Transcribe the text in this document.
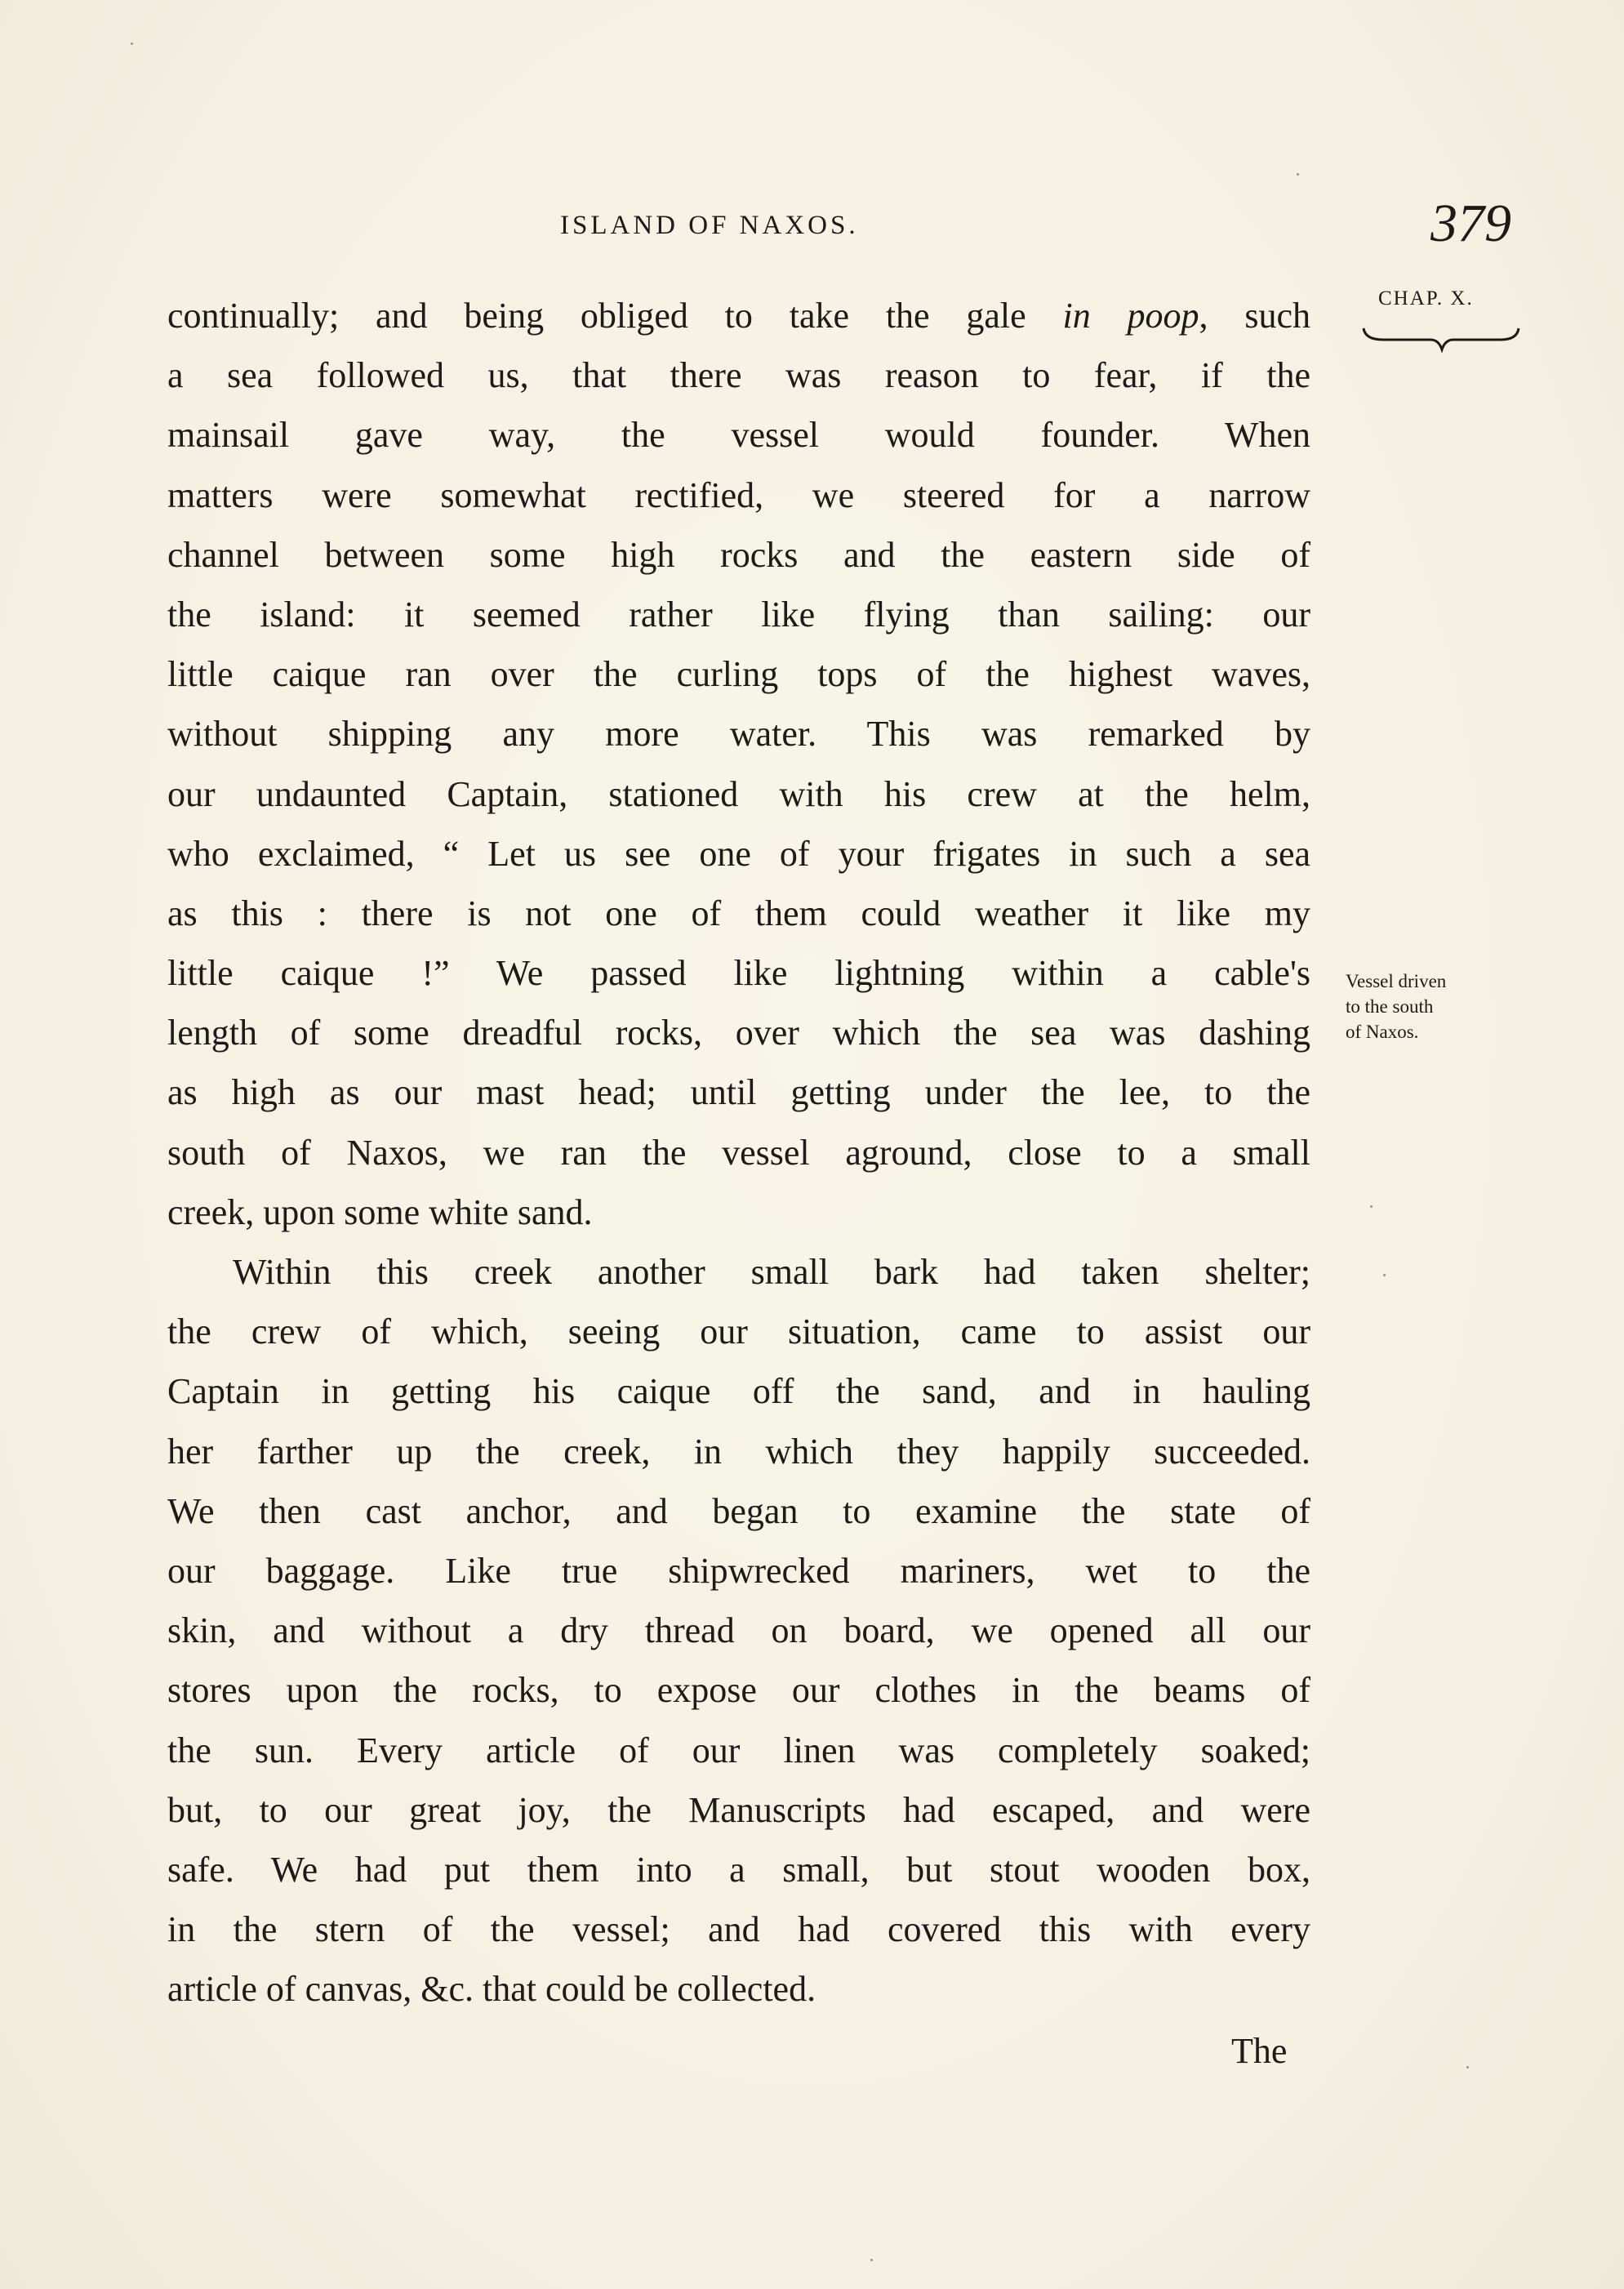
ISLAND OF NAXOS.	379
CHAP. X.
Vessel driven
to the south
of Naxos.
continually; and being obliged to take the gale in poop, such
a sea followed us, that there was reason to fear, if the
mainsail gave way, the vessel would founder. When
matters were somewhat rectified, we steered for a narrow
channel between some high rocks and the eastern side of
the island: it seemed rather like flying than sailing: our
little caique ran over the curling tops of the highest waves,
without shipping any more water. This was remarked by
our undaunted Captain, stationed with his crew at the helm,
who exclaimed, “ Let us see one of your frigates in such a sea
as this : there is not one of them could weather it like my
little caique !” We passed like lightning within a cable's
length of some dreadful rocks, over which the sea was dashing
as high as our mast head; until getting under the lee, to the
south of Naxos, we ran the vessel aground, close to a small
creek, upon some white sand.
Within this creek another small bark had taken shelter;
the crew of which, seeing our situation, came to assist our
Captain in getting his caique off the sand, and in hauling
her farther up the creek, in which they happily succeeded.
We then cast anchor, and began to examine the state of
our baggage. Like true shipwrecked mariners, wet to the
skin, and without a dry thread on board, we opened all our
stores upon the rocks, to expose our clothes in the beams of
the sun. Every article of our linen was completely soaked;
but, to our great joy, the Manuscripts had escaped, and were
safe. We had put them into a small, but stout wooden box,
in the stern of the vessel; and had covered this with every
article of canvas, &c. that could be collected.
The
